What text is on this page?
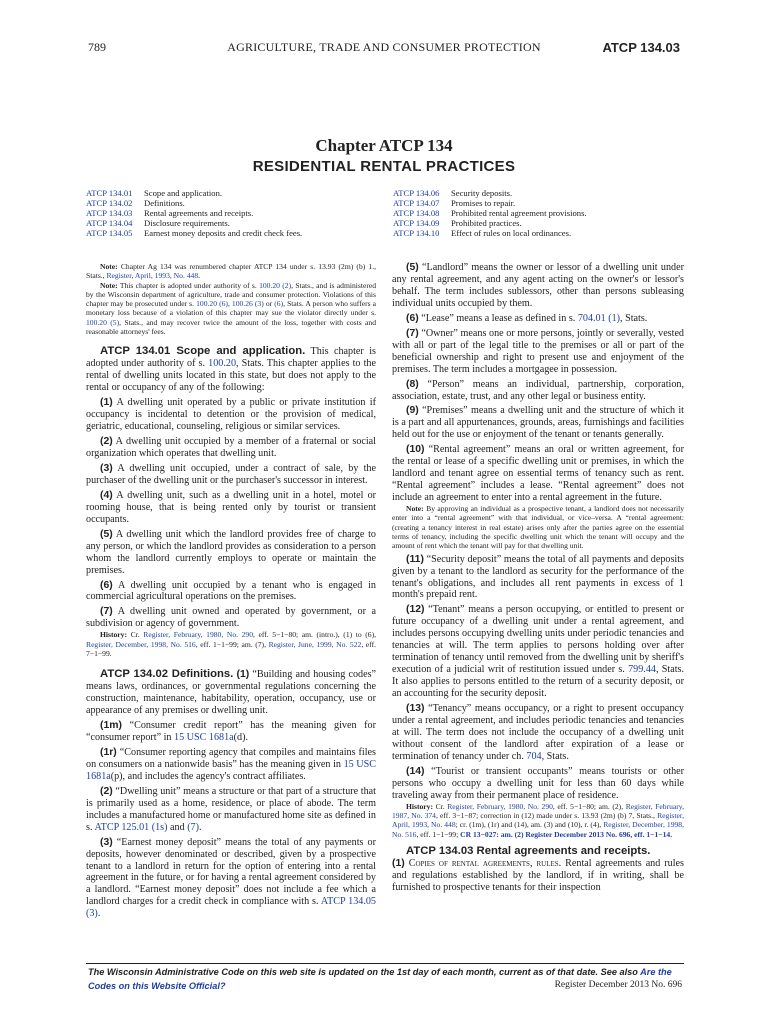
789	AGRICULTURE, TRADE AND CONSUMER PROTECTION	ATCP 134.03
Chapter ATCP 134
RESIDENTIAL RENTAL PRACTICES
ATCP 134.01 Scope and application.
ATCP 134.02 Definitions.
ATCP 134.03 Rental agreements and receipts.
ATCP 134.04 Disclosure requirements.
ATCP 134.05 Earnest money deposits and credit check fees.
ATCP 134.06 Security deposits.
ATCP 134.07 Promises to repair.
ATCP 134.08 Prohibited rental agreement provisions.
ATCP 134.09 Prohibited practices.
ATCP 134.10 Effect of rules on local ordinances.

Note: Chapter Ag 134 was renumbered chapter ATCP 134 under s. 13.93 (2m) (b) 1., Stats., Register, April, 1993, No. 448.

Note: This chapter is adopted under authority of s. 100.20 (2), Stats., and is administered by the Wisconsin department of agriculture, trade and consumer protection. Violations of this chapter may be prosecuted under s. 100.20 (6), 100.26 (3) or (6), Stats. A person who suffers a monetary loss because of a violation of this chapter may sue the violator directly under s. 100.20 (5), Stats., and may recover twice the amount of the loss, together with costs and reasonable attorneys' fees.

ATCP 134.01 Scope and application. This chapter is adopted under authority of s. 100.20, Stats. This chapter applies to the rental of dwelling units located in this state, but does not apply to the rental or occupancy of any of the following:

(1) A dwelling unit operated by a public or private institution if occupancy is incidental to detention or the provision of medical, geriatric, educational, counseling, religious or similar services.

(2) A dwelling unit occupied by a member of a fraternal or social organization which operates that dwelling unit.

(3) A dwelling unit occupied, under a contract of sale, by the purchaser of the dwelling unit or the purchaser's successor in interest.

(4) A dwelling unit, such as a dwelling unit in a hotel, motel or rooming house, that is being rented only by tourist or transient occupants.

(5) A dwelling unit which the landlord provides free of charge to any person, or which the landlord provides as consideration to a person whom the landlord currently employs to operate or maintain the premises.

(6) A dwelling unit occupied by a tenant who is engaged in commercial agricultural operations on the premises.

(7) A dwelling unit owned and operated by government, or a subdivision or agency of government.

History: Cr. Register, February, 1980, No. 290, eff. 5−1−80; am. (intro.), (1) to (6), Register, December, 1998, No. 516, eff. 1−1−99; am. (7), Register, June, 1999, No. 522, eff. 7−1−99.

ATCP 134.02 Definitions. (1) “Building and housing codes” means laws, ordinances, or governmental regulations concerning the construction, maintenance, habitability, operation, occupancy, use or appearance of any premises or dwelling unit.

(1m) “Consumer credit report” has the meaning given for “consumer report” in 15 USC 1681a(d).

(1r) “Consumer reporting agency that compiles and maintains files on consumers on a nationwide basis” has the meaning given in 15 USC 1681a(p), and includes the agency's contract affiliates.

(2) “Dwelling unit” means a structure or that part of a structure that is primarily used as a home, residence, or place of abode. The term includes a manufactured home or manufactured home site as defined in s. ATCP 125.01 (1s) and (7).

(3) “Earnest money deposit” means the total of any payments or deposits, however denominated or described, given by a prospective tenant to a landlord in return for the option of entering into a rental agreement in the future, or for having a rental agreement considered by a landlord. “Earnest money deposit” does not include a fee which a landlord charges for a credit check in compliance with s. ATCP 134.05 (3).

(5) “Landlord” means the owner or lessor of a dwelling unit under any rental agreement, and any agent acting on the owner's or lessor's behalf. The term includes sublessors, other than persons subleasing individual units occupied by them.

(6) “Lease” means a lease as defined in s. 704.01 (1), Stats.

(7) “Owner” means one or more persons, jointly or severally, vested with all or part of the legal title to the premises or all or part of the beneficial ownership and right to present use and enjoyment of the premises. The term includes a mortgagee in possession.

(8) “Person” means an individual, partnership, corporation, association, estate, trust, and any other legal or business entity.

(9) “Premises” means a dwelling unit and the structure of which it is a part and all appurtenances, grounds, areas, furnishings and facilities held out for the use or enjoyment of the tenant or tenants generally.

(10) “Rental agreement” means an oral or written agreement, for the rental or lease of a specific dwelling unit or premises, in which the landlord and tenant agree on essential terms of tenancy such as rent. “Rental agreement” includes a lease. “Rental agreement” does not include an agreement to enter into a rental agreement in the future.

Note: By approving an individual as a prospective tenant, a landlord does not necessarily enter into a “rental agreement” with that individual, or vice–versa. A “rental agreement: (creating a tenancy interest in real estate) arises only after the parties agree on the essential terms of tenancy, including the specific dwelling unit which the tenant will occupy and the amount of rent which the tenant will pay for that dwelling unit.

(11) “Security deposit” means the total of all payments and deposits given by a tenant to the landlord as security for the performance of the tenant's obligations, and includes all rent payments in excess of 1 month's prepaid rent.

(12) “Tenant” means a person occupying, or entitled to present or future occupancy of a dwelling unit under a rental agreement, and includes persons occupying dwelling units under periodic tenancies and tenancies at will. The term applies to persons holding over after termination of tenancy until removed from the dwelling unit by sheriff's execution of a judicial writ of restitution issued under s. 799.44, Stats. It also applies to persons entitled to the return of a security deposit, or an accounting for the security deposit.

(13) “Tenancy” means occupancy, or a right to present occupancy under a rental agreement, and includes periodic tenancies and tenancies at will. The term does not include the occupancy of a dwelling unit without consent of the landlord after expiration of a lease or termination of tenancy under ch. 704, Stats.

(14) “Tourist or transient occupants” means tourists or other persons who occupy a dwelling unit for less than 60 days while traveling away from their permanent place of residence.

History: Cr. Register, February, 1980, No. 290, eff. 5−1−80; am. (2), Register, February, 1987, No. 374, eff. 3−1−87; correction in (12) made under s. 13.93 (2m) (b) 7, Stats., Register, April, 1993, No. 448; cr. (1m), (1r) and (14), am. (3) and (10), r. (4), Register, December, 1998, No. 516, eff. 1−1−99; CR 13−027: am. (2) Register December 2013 No. 696, eff. 1−1−14.

ATCP 134.03 Rental agreements and receipts.
(1) Copies of rental agreements, rules. Rental agreements and rules and regulations established by the landlord, if in writing, shall be furnished to prospective tenants for their inspection

The Wisconsin Administrative Code on this web site is updated on the 1st day of each month, current as of that date. See also Are the Codes on this Website Official?	Register December 2013 No. 696
